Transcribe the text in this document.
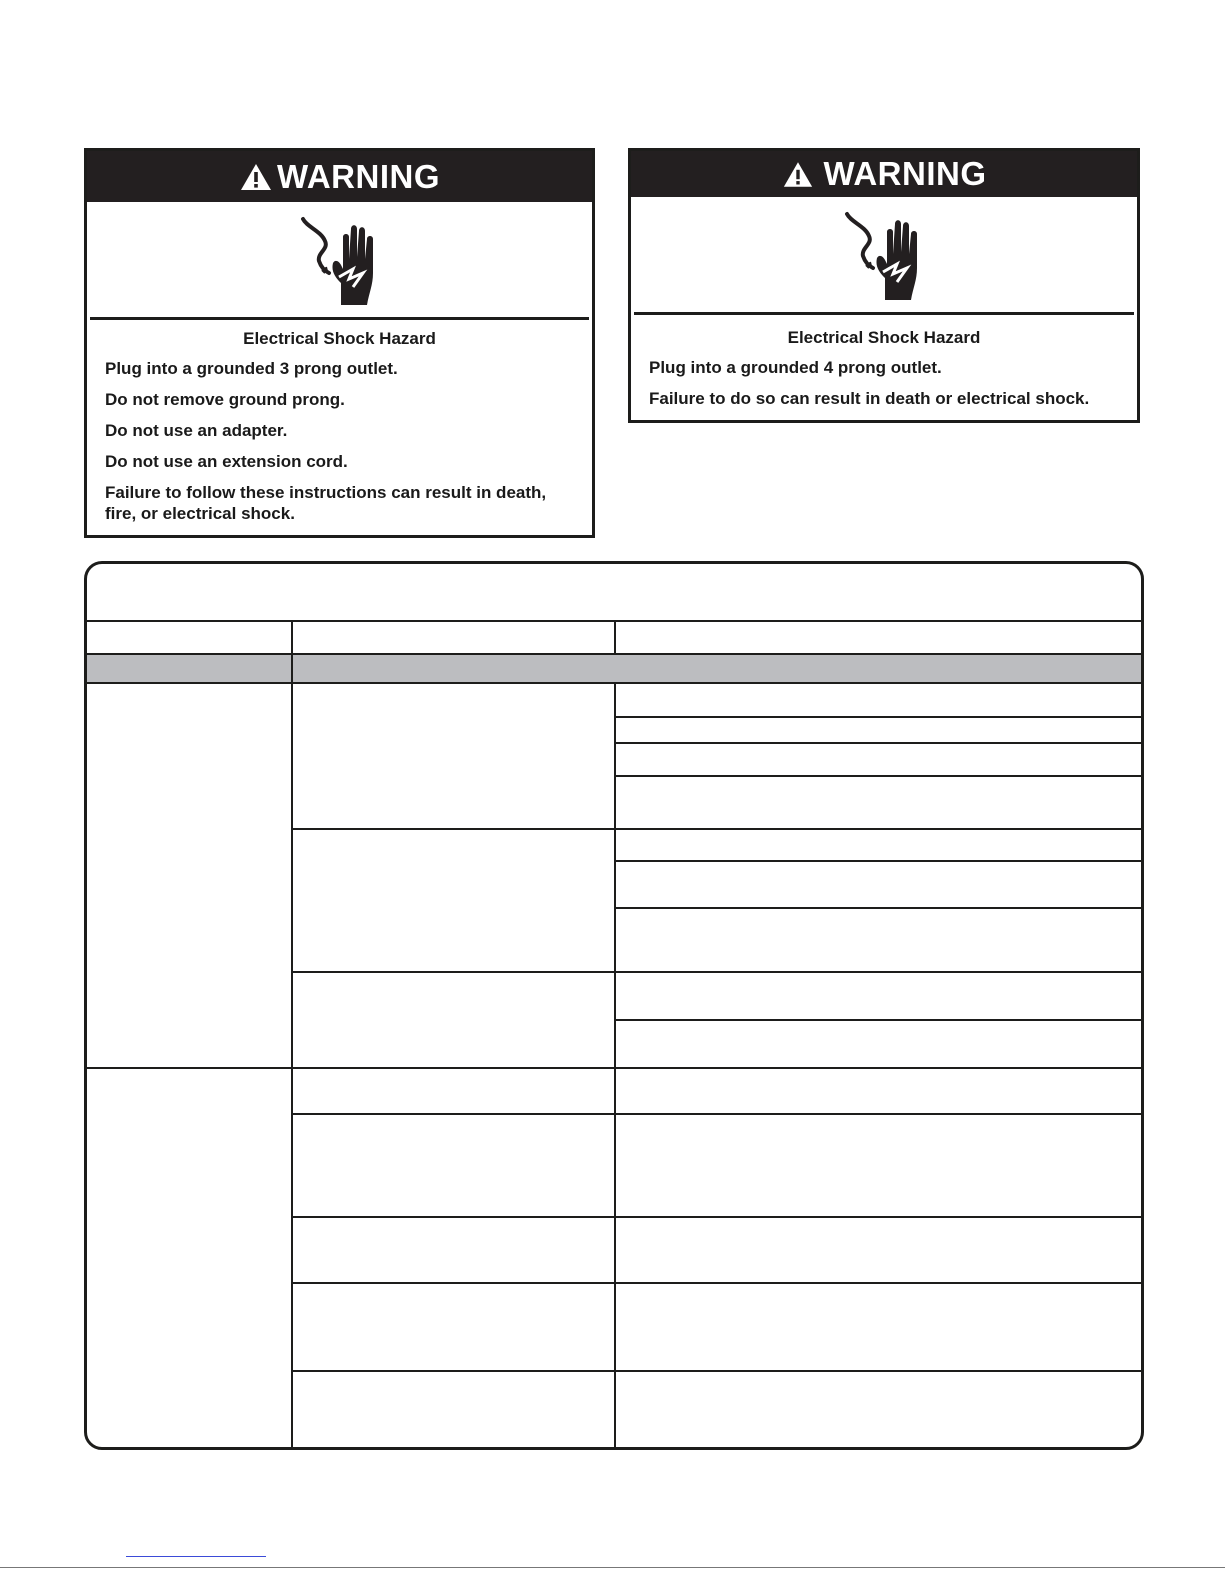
WARNING
Electrical Shock Hazard
Plug into a grounded 3 prong outlet.
Do not remove ground prong.
Do not use an adapter.
Do not use an extension cord.
Failure to follow these instructions can result in death, fire, or electrical shock.
WARNING
Electrical Shock Hazard
Plug into a grounded 4 prong outlet.
Failure to do so can result in death or electrical shock.
